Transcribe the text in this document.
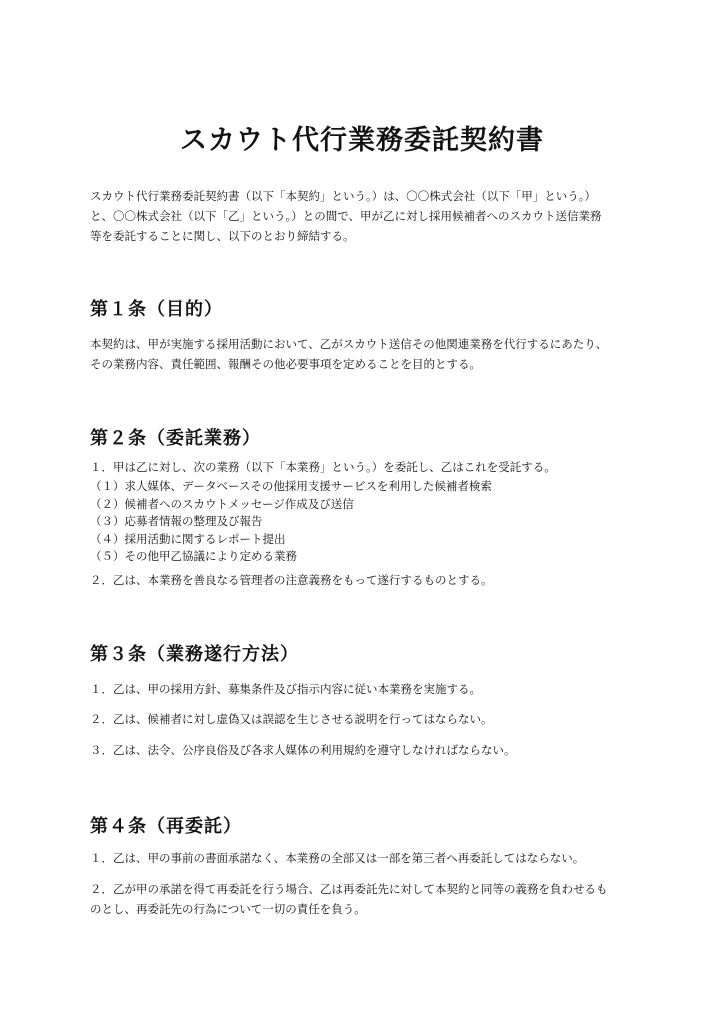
スカウト代行業務委託契約書

スカウト代行業務委託契約書（以下「本契約」という。）は、〇〇株式会社（以下「甲」という。）
と、〇〇株式会社（以下「乙」という。）との間で、甲が乙に対し採用候補者へのスカウト送信業務
等を委託することに関し、以下のとおり締結する。

第１条（目的）

本契約は、甲が実施する採用活動において、乙がスカウト送信その他関連業務を代行するにあたり、
その業務内容、責任範囲、報酬その他必要事項を定めることを目的とする。

第２条（委託業務）

１．甲は乙に対し、次の業務（以下「本業務」という。）を委託し、乙はこれを受託する。

（１）求人媒体、データベースその他採用支援サービスを利用した候補者検索
（２）候補者へのスカウトメッセージ作成及び送信
（３）応募者情報の整理及び報告
（４）採用活動に関するレポート提出
（５）その他甲乙協議により定める業務

２．乙は、本業務を善良なる管理者の注意義務をもって遂行するものとする。

第３条（業務遂行方法）

１．乙は、甲の採用方針、募集条件及び指示内容に従い本業務を実施する。

２．乙は、候補者に対し虚偽又は誤認を生じさせる説明を行ってはならない。

３．乙は、法令、公序良俗及び各求人媒体の利用規約を遵守しなければならない。

第４条（再委託）

１．乙は、甲の事前の書面承諾なく、本業務の全部又は一部を第三者へ再委託してはならない。

２．乙が甲の承諾を得て再委託を行う場合、乙は再委託先に対して本契約と同等の義務を負わせるも
のとし、再委託先の行為について一切の責任を負う。
